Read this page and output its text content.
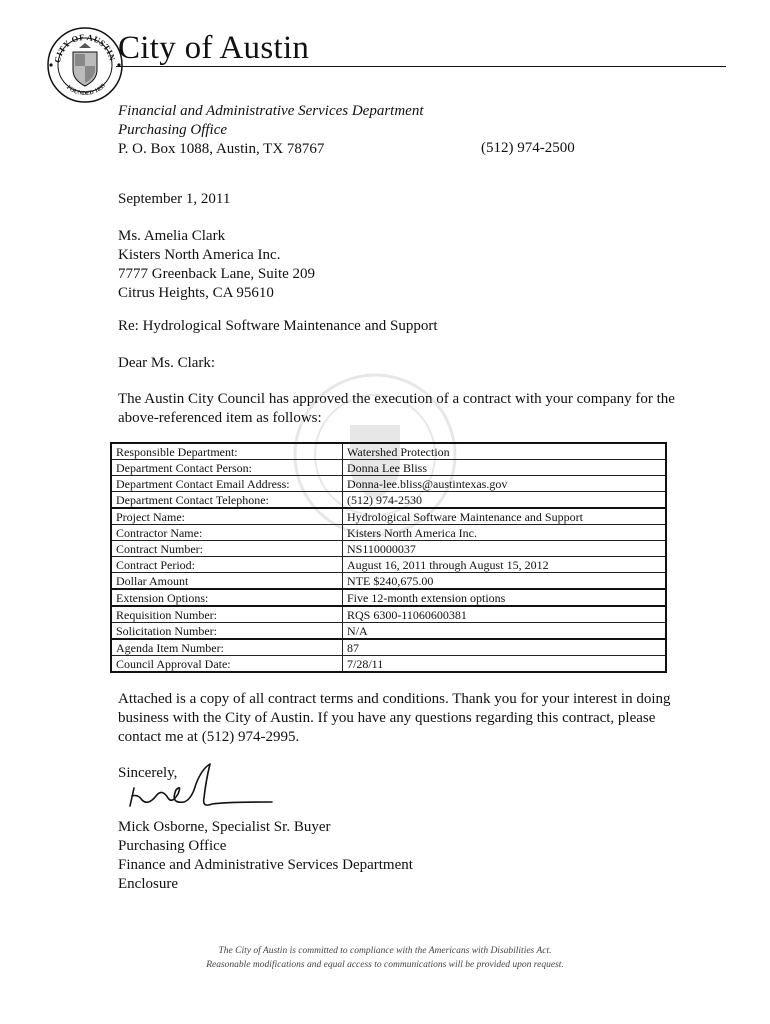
CITY OF AUSTIN
FOUNDED 1839
City of Austin
Financial and Administrative Services Department
Purchasing Office
P. O. Box 1088, Austin, TX 78767	(512) 974-2500
September 1, 2011
Ms. Amelia Clark
Kisters North America Inc.
7777 Greenback Lane, Suite 209
Citrus Heights, CA 95610
Re: Hydrological Software Maintenance and Support
Dear Ms. Clark:
The Austin City Council has approved the execution of a contract with your company for the
above-referenced item as follows:
Responsible Department:	Watershed Protection
Department Contact Person:	Donna Lee Bliss
Department Contact Email Address:	Donna-lee.bliss@austintexas.gov
Department Contact Telephone:	(512) 974-2530
Project Name:	Hydrological Software Maintenance and Support
Contractor Name:	Kisters North America Inc.
Contract Number:	NS110000037
Contract Period:	August 16, 2011 through August 15, 2012
Dollar Amount	NTE $240,675.00
Extension Options:	Five 12-month extension options
Requisition Number:	RQS 6300-11060600381
Solicitation Number:	N/A
Agenda Item Number:	87
Council Approval Date:	7/28/11
Attached is a copy of all contract terms and conditions. Thank you for your interest in doing
business with the City of Austin. If you have any questions regarding this contract, please
contact me at (512) 974-2995.
Sincerely,
Mick Osborne, Specialist Sr. Buyer
Purchasing Office
Finance and Administrative Services Department
Enclosure
The City of Austin is committed to compliance with the Americans with Disabilities Act.
Reasonable modifications and equal access to communications will be provided upon request.
